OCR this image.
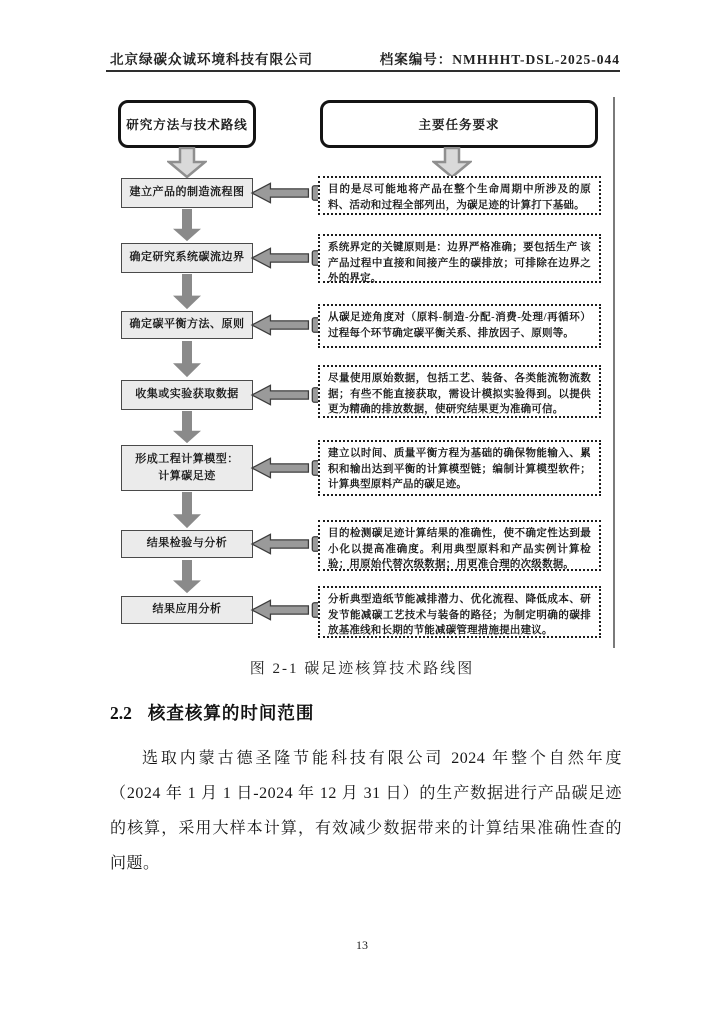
北京绿碳众诚环境科技有限公司	档案编号：NMHHHT-DSL-2025-044
研究方法与技术路线	主要任务要求
建立产品的制造流程图	目的是尽可能地将产品在整个生命周期中所涉及的原料、活动和过程全部列出，为碳足迹的计算打下基础。
确定研究系统碳流边界
系统界定的关键原则是：边界严格准确；要包括生产 该产品过程中直接和间接产生的碳排放；可排除在边界之外的界定。
确定碳平衡方法、原则
从碳足迹角度对（原料-制造-分配-消费-处理/再循环）过程每个环节确定碳平衡关系、排放因子、原则等。
收集或实验获取数据
尽量使用原始数据，包括工艺、装备、各类能流物流数据；有些不能直接获取，需设计模拟实验得到。以提供更为精确的排放数据，使研究结果更为准确可信。
形成工程计算模型：
计算碳足迹
建立以时间、质量平衡方程为基础的确保物能输入、累积和输出达到平衡的计算模型链；编制计算模型软件；计算典型原料产品的碳足迹。
结果检验与分析
目的检测碳足迹计算结果的准确性，使不确定性达到最小化以提高准确度。利用典型原料和产品实例计算检验；用原始代替次级数据；用更准合理的次级数据。
结果应用分析
分析典型造纸节能减排潜力、优化流程、降低成本、研发节能减碳工艺技术与装备的路径；为制定明确的碳排放基准线和长期的节能减碳管理措施提出建议。
图 2-1 碳足迹核算技术路线图
2.2 核查核算的时间范围
选取内蒙古德圣隆节能科技有限公司 2024 年整个自然年度
（2024 年 1 月 1 日-2024 年 12 月 31 日）的生产数据进行产品碳足迹
的核算，采用大样本计算，有效减少数据带来的计算结果准确性查的
问题。
13
